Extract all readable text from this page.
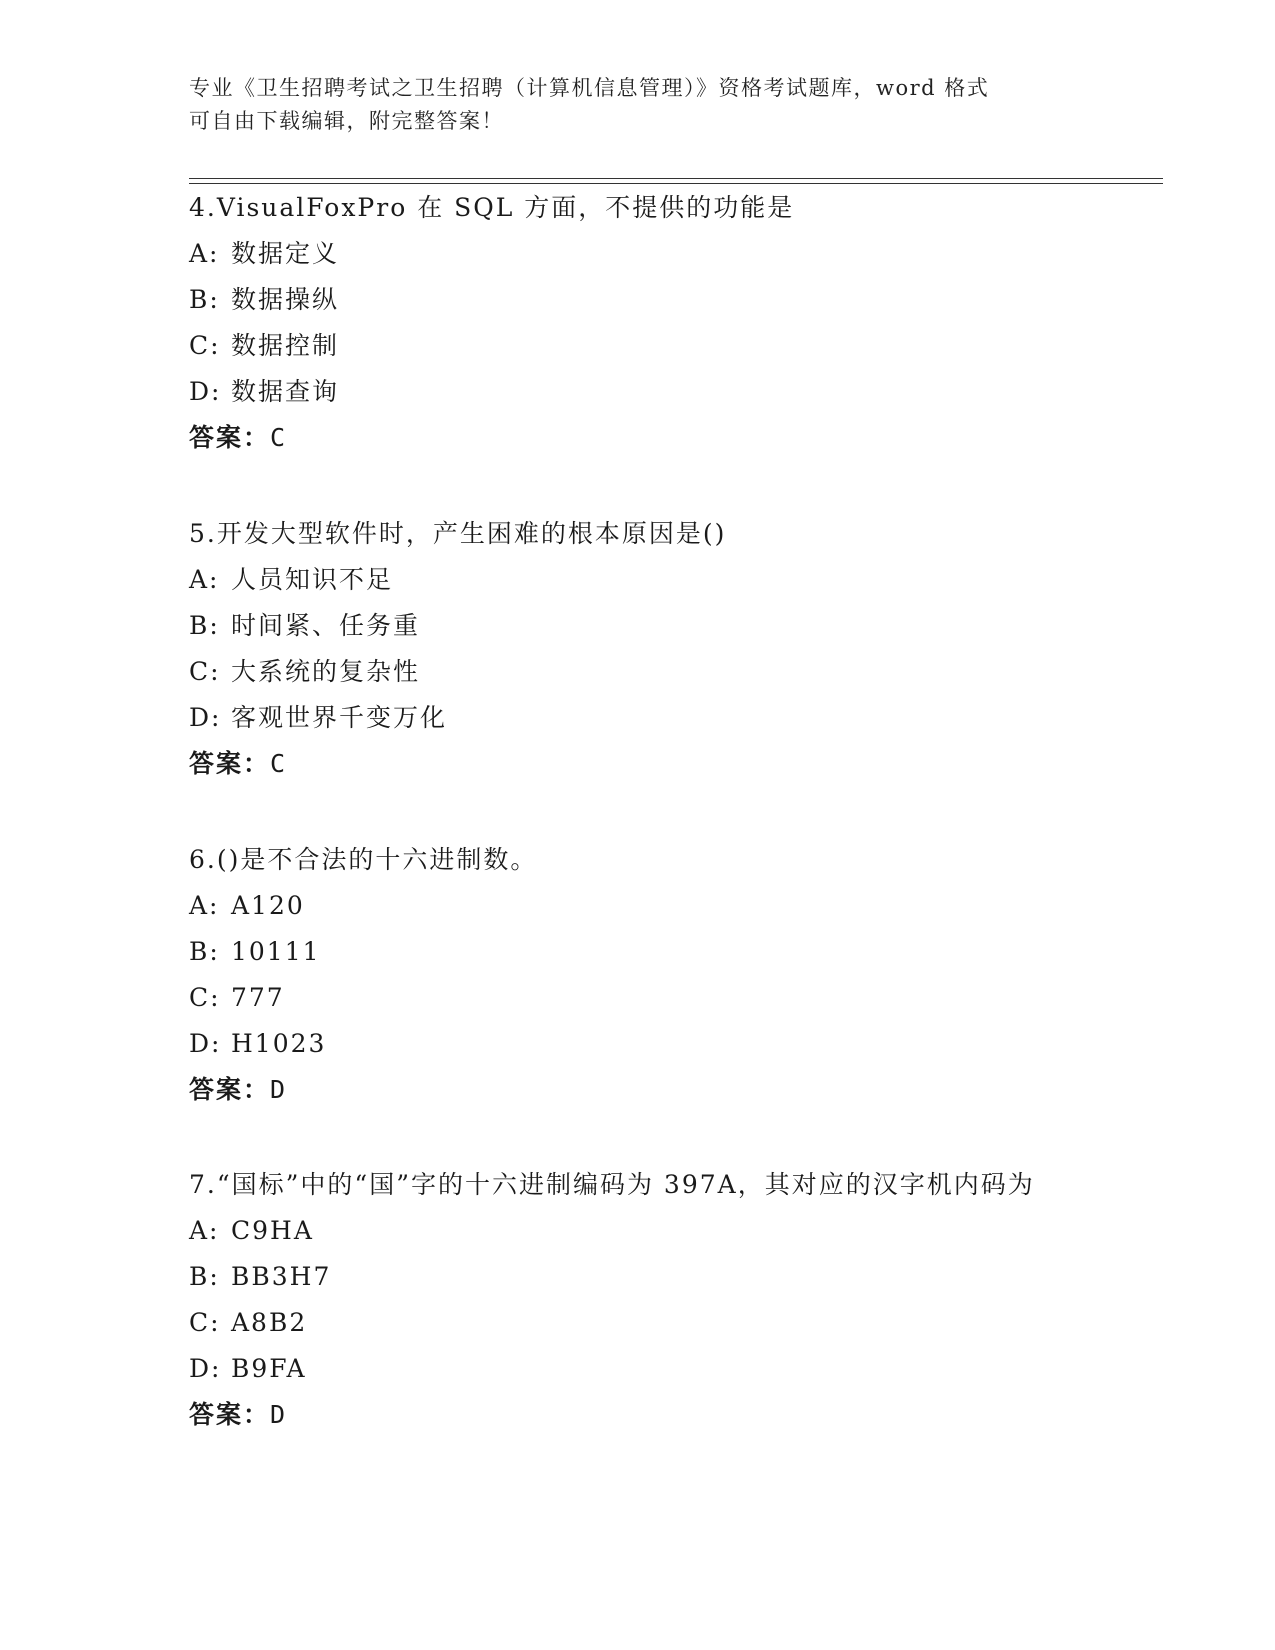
专业《卫生招聘考试之卫生招聘（计算机信息管理）》资格考试题库，word 格式
可自由下载编辑，附完整答案！
4.VisualFoxPro 在 SQL 方面，不提供的功能是
A: 数据定义
B: 数据操纵
C: 数据控制
D: 数据查询
答案：C
5.开发大型软件时，产生困难的根本原因是()
A: 人员知识不足
B: 时间紧、任务重
C: 大系统的复杂性
D: 客观世界千变万化
答案：C
6.()是不合法的十六进制数。
A: A120
B: 10111
C: 777
D: H1023
答案：D
7.“国标”中的“国”字的十六进制编码为 397A，其对应的汉字机内码为
A: C9HA
B: BB3H7
C: A8B2
D: B9FA
答案：D
